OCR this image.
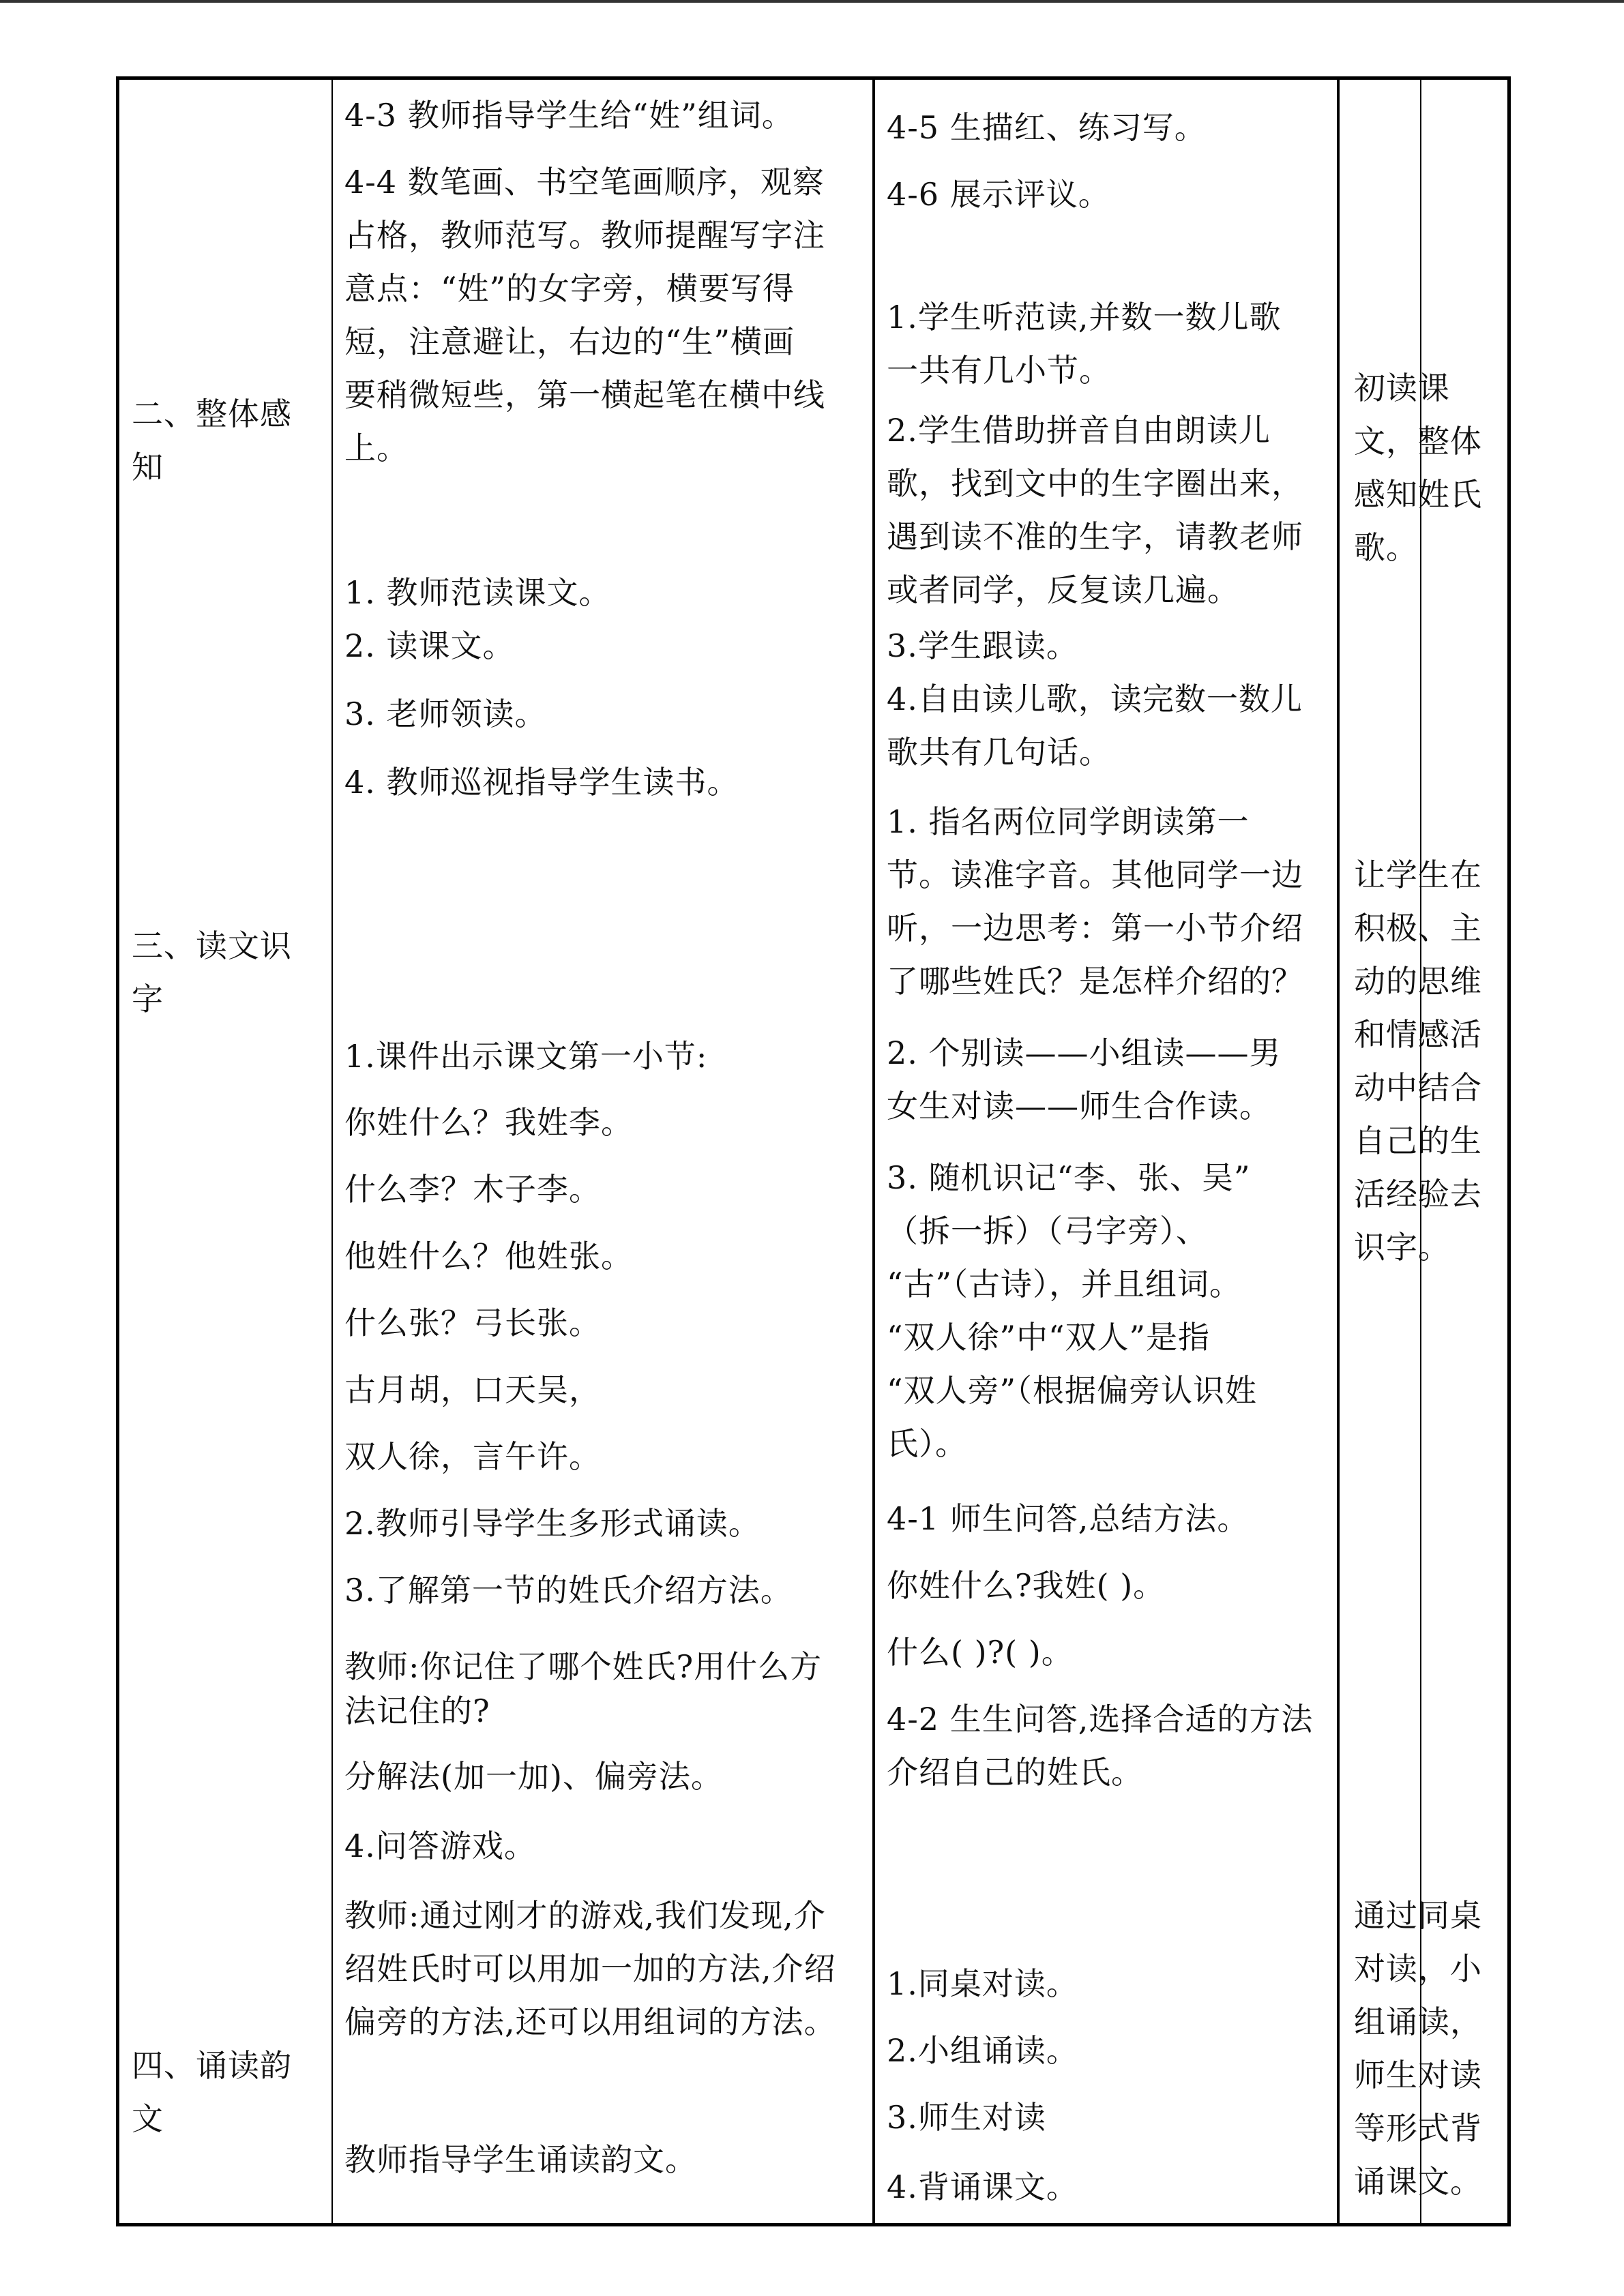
二、整体感
知
三、读文识
字
四、诵读韵
文
4-3 教师指导学生给“姓”组词。
4-4 数笔画、书空笔画顺序，观察
占格，教师范写。教师提醒写字注
意点：“姓”的女字旁，横要写得
短，注意避让，右边的“生”横画
要稍微短些，第一横起笔在横中线
上。
1. 教师范读课文。
2. 读课文。
3. 老师领读。
4. 教师巡视指导学生读书。
1.课件出示课文第一小节:
你姓什么？我姓李。
什么李？木子李。
他姓什么？他姓张。
什么张？弓长张。
古月胡，口天吴，
双人徐，言午许。
2.教师引导学生多形式诵读。
3.了解第一节的姓氏介绍方法。
教师:你记住了哪个姓氏?用什么方
法记住的?
分解法(加一加)、偏旁法。
4.问答游戏。
教师:通过刚才的游戏,我们发现,介
绍姓氏时可以用加一加的方法,介绍
偏旁的方法,还可以用组词的方法。
教师指导学生诵读韵文。
4-5 生描红、练习写。
4-6 展示评议。
1.学生听范读,并数一数儿歌
一共有几小节。
2.学生借助拼音自由朗读儿
歌，找到文中的生字圈出来，
遇到读不准的生字，请教老师
或者同学，反复读几遍。
3.学生跟读。
4.自由读儿歌，读完数一数儿
歌共有几句话。
1. 指名两位同学朗读第一
节。读准字音。其他同学一边
听，一边思考：第一小节介绍
了哪些姓氏？是怎样介绍的？
2. 个别读——小组读——男
女生对读——师生合作读。
3. 随机识记“李、张、吴”
（拆一拆）（弓字旁）、
“古”（古诗），并且组词。
“双人徐”中“双人”是指
“双人旁”（根据偏旁认识姓
氏）。
4-1 师生问答,总结方法。
你姓什么?我姓( )。
什么( )?( )。
4-2 生生问答,选择合适的方法
介绍自己的姓氏。
1.同桌对读。
2.小组诵读。
3.师生对读
4.背诵课文。
初读课
文，整体
感知姓氏
歌。
让学生在
积极、主
动的思维
和情感活
动中结合
自己的生
活经验去
识字。
通过同桌
对读，小
组诵读，
师生对读
等形式背
诵课文。
